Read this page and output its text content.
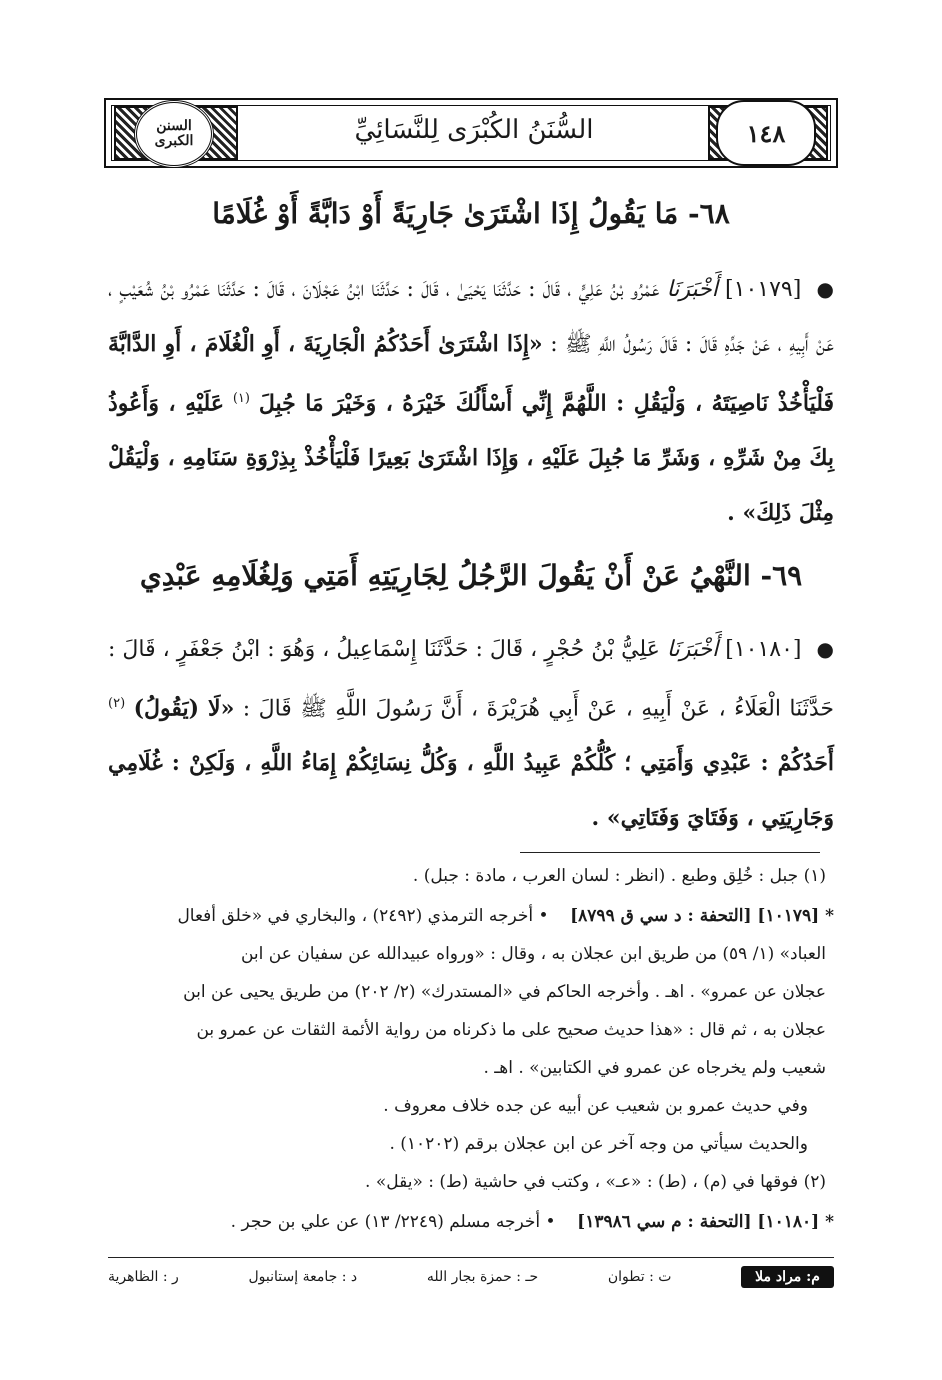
السنن الكبرى	١٤٨
السُّنَنُ الكُبْرَى لِلنَّسَائِيِّ
٦٨- مَا يَقُولُ إِذَا اشْتَرَىٰ جَارِيَةً أَوْ دَابَّةً أَوْ غُلَامًا
● [١٠١٧٩] أَخْبَرَنَا عَمْرُو بْنُ عَلِيٍّ ، قَالَ : حَدَّثَنَا يَحْيَىٰ ، قَالَ : حَدَّثَنَا ابْنُ عَجْلَانَ ، قَالَ : حَدَّثَنَا عَمْرُو بْنُ شُعَيْبٍ ، عَنْ أَبِيهِ ، عَنْ جَدِّهِ قَالَ : قَالَ رَسُولُ اللَّهِ ﷺ : «إِذَا اشْتَرَىٰ أَحَدُكُمُ الْجَارِيَةَ ، أَوِ الْغُلَامَ ، أَوِ الدَّابَّةَ فَلْيَأْخُذْ نَاصِيَتَهُ ، وَلْيَقُلِ : اللَّهُمَّ إِنِّي أَسْأَلُكَ خَيْرَهُ ، وَخَيْرَ مَا جُبِلَ $^{(١)}$ عَلَيْهِ ، وَأَعُوذُ بِكَ مِنْ شَرِّهِ ، وَشَرِّ مَا جُبِلَ عَلَيْهِ ، وَإِذَا اشْتَرَىٰ بَعِيرًا فَلْيَأْخُذْ بِذِرْوَةِ سَنَامِهِ ، وَلْيَقُلْ مِثْلَ ذَلِكَ» .
٦٩- النَّهْيُ عَنْ أَنْ يَقُولَ الرَّجُلُ لِجَارِيَتِهِ أَمَتِي وَلِغُلَامِهِ عَبْدِي
● [١٠١٨٠] أَخْبَرَنَا عَلِيُّ بْنُ حُجْرٍ ، قَالَ : حَدَّثَنَا إِسْمَاعِيلُ ، وَهُوَ : ابْنُ جَعْفَرٍ ، قَالَ : حَدَّثَنَا الْعَلَاءُ ، عَنْ أَبِيهِ ، عَنْ أَبِي هُرَيْرَةَ ، أَنَّ رَسُولَ اللَّهِ ﷺ قَالَ : «لَا (يَقُولُ) $^{(٢)}$ أَحَدُكُمْ : عَبْدِي وَأَمَتِي ؛ كُلُّكُمْ عَبِيدُ اللَّهِ ، وَكُلُّ نِسَائِكُمْ إِمَاءُ اللَّهِ ، وَلَكِنْ : غُلَامِي وَجَارِيَتِي ، وَفَتَايَ وَفَتَاتِي» .
(١) جبل : خُلِق وطبع . (انظر : لسان العرب ، مادة : جبل) .
* [١٠١٧٩] [التحفة : د سي ق ٨٧٩٩]    • أخرجه الترمذي (٢٤٩٢) ، والبخاري في «خلق أفعال
العباد» (١/ ٥٩) من طريق ابن عجلان به ، وقال : «ورواه عبيدالله عن سفيان عن ابن
عجلان عن عمرو» . اهـ . وأخرجه الحاكم في «المستدرك» (٢/ ٢٠٢) من طريق يحيى عن ابن
عجلان به ، ثم قال : «هذا حديث صحيح على ما ذكرناه من رواية الأئمة الثقات عن عمرو بن
شعيب ولم يخرجاه عن عمرو في الكتابين» . اهـ .
وفي حديث عمرو بن شعيب عن أبيه عن جده خلاف معروف .
والحديث سيأتي من وجه آخر عن ابن عجلان برقم (١٠٢٠٢) .
(٢) فوقها في (م) ، (ط) : «عـ» ، وكتب في حاشية (ط) : «يقل» .
* [١٠١٨٠] [التحفة : م سي ١٣٩٨٦]    • أخرجه مسلم (٢٢٤٩/ ١٣) عن علي بن حجر .
م: مراد ملا
ت : تطوان
حـ : حمزة بجار الله
د : جامعة إستانبول
ر : الظاهرية
